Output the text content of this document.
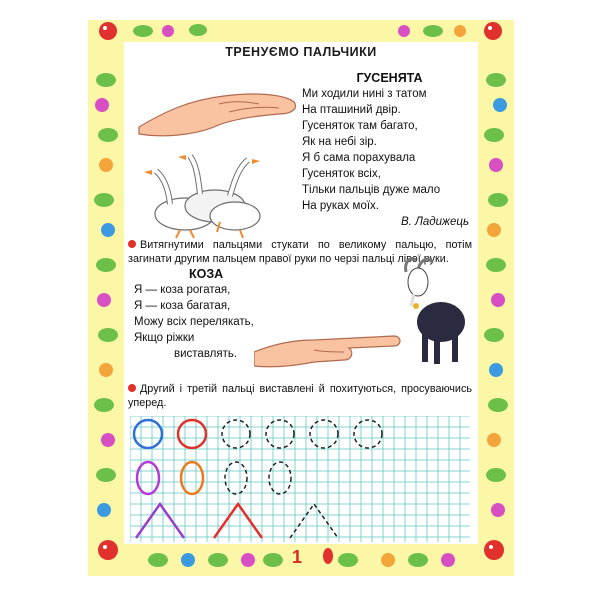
1
ТРЕНУЄМО ПАЛЬЧИКИ
ГУСЕНЯТА
Ми ходили нині з татом
На пташиний двір.
Гусеняток там багато,
Як на небі зір.
Я б сама порахувала
Гусеняток всіх,
Тільки пальців дуже мало
На руках моїх.
В. Ладижець
Витягнутими пальцями стукати по великому пальцю, потім загинати другим пальцем правої руки по черзі пальці лівої руки.
КОЗА
Я — коза рогатая,
Я — коза багатая,
Можу всіх перелякать,
Якщо ріжки
виставлять.
Другий і третій пальці виставлені й похитуються, просуваючись уперед.
